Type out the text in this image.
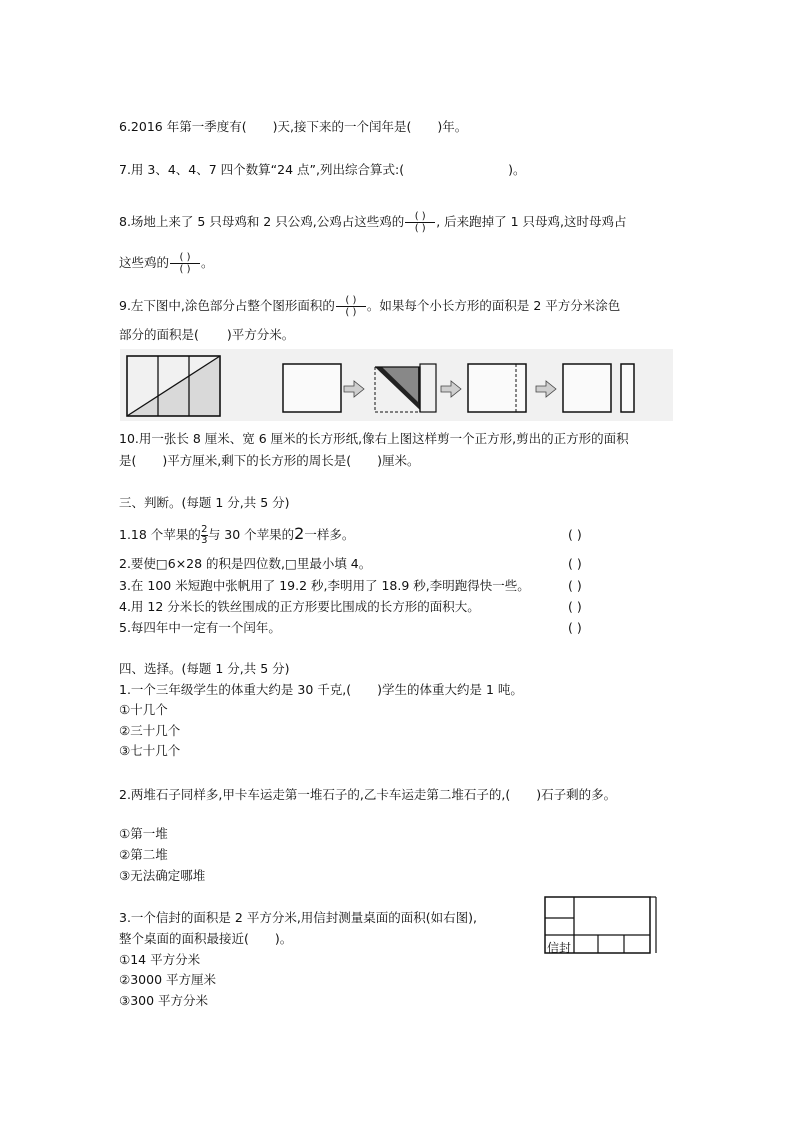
6.2016 年第一季度有( )天,接下来的一个闰年是( )年。
7.用 3、4、4、7 四个数算“24 点”,列出综合算式:(	)。
8.场地上来了 5 只母鸡和 2 只公鸡,公鸡占这些鸡的 $\frac{( )}{( )}$ , 后来跑掉了 1 只母鸡,这时母鸡占
这些鸡的 $\frac{( )}{( )}$ 。
9.左下图中,涂色部分占整个图形面积的 $\frac{( )}{( )}$ 。如果每个小长方形的面积是 2 平方分米涂色
部分的面积是( )平方分米。
10.用一张长 8 厘米、宽 6 厘米的长方形纸,像右上图这样剪一个正方形,剪出的正方形的面积
是( )平方厘米,剩下的长方形的周长是( )厘米。
三、判断。(每题 1 分,共 5 分)
1.18 个苹果的 $\frac{2}{3}$ 与 30 个苹果的2一样多。	( )
2.要使□6×28 的积是四位数,□里最小填 4。	( )
3.在 100 米短跑中张帆用了 19.2 秒,李明用了 18.9 秒,李明跑得快一些。	( )
4.用 12 分米长的铁丝围成的正方形要比围成的长方形的面积大。	( )
5.每四年中一定有一个闰年。	( )
四、选择。(每题 1 分,共 5 分)
1.一个三年级学生的体重大约是 30 千克,( )学生的体重大约是 1 吨。
①十几个
②三十几个
③七十几个
2.两堆石子同样多,甲卡车运走第一堆石子的,乙卡车运走第二堆石子的,( )石子剩的多。
①第一堆
②第二堆
③无法确定哪堆
3.一个信封的面积是 2 平方分米,用信封测量桌面的面积(如右图),
整个桌面的面积最接近( )。
①14 平方分米
②3000 平方厘米
③300 平方分米
信封
